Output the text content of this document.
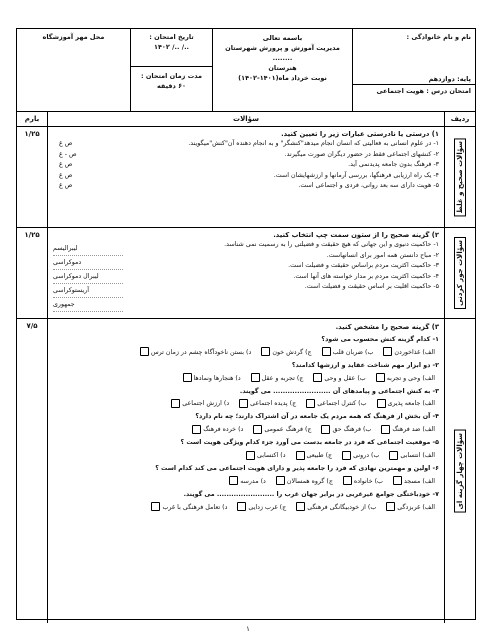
نام و نام خانوادگی :
پایه: دوازدهم
امتحان درس : هویت اجتماعی
باسمه تعالی
مدیریت آموزش و پرورش شهرستان ........
هنرستان
نوبت خرداد ماه(۱۴۰۱-۱۴۰۲)
تاریخ امتحان :
../ ../ ۱۴۰۲
مدت زمان امتحان :
۶۰ دقیقه
محل مهر آموزشگاه
ردیف
سؤالات
بارم
سؤالات صحیح و غلط
۱) درستی یا نادرستی عبارات زیر را تعیین کنید.
۱- در علوم انسانی به فعالیتی که انسان انجام میدهد"کنشگر" و به انجام دهنده آن"کنش"میگویند.
ص غ
۲- کنشهای اجتماعی فقط در حضور دیگران صورت میگیرند.
ص - غ
۳- فرهنگ بدون جامعه پدیدنمی آید.
ص غ
۴- یک راه ارزیابی فرهنگها، بررسی آرمانها و ارزشهایشان است.
ص غ
۵- هویت دارای سه بعد روانی، فردی و اجتماعی است.
ص غ
۱/۲۵
سؤالات جور کردنی
۲) گزینه صحیح را از ستون سمت چپ انتخاب کنید.
۱- حاکمیت دنیوی و این جهانی که هیچ حقیقت و فضیلتی را به رسمیت نمی شناسد.
۲- مباح دانستن همه امور برای انسانهاست.
۳- حاکمیت اکثریت مردم براساس حقیقت و فضیلت است.
۴- حاکمیت اکثریت مردم بر مدار خواسته های آنها است.
۵- حاکمیت اقلیت بر اساس حقیقت و فضیلت است.
لیبرالیسم
دموکراسی
لیبرال دموکراسی
آریستوکراسی
جمهوری
۱/۲۵
سؤالات چهار گزینه ای
۳) گزینه صحیح را مشخص کنید.
۱- کدام گزینه کنش محسوب می شود؟
الف) غذاخوردن
ب) ضربان قلب
ج) گردش خون
د) بستن ناخودآگاه چشم در زمان ترس
۲- دو ابزار مهم شناخت عقاید و ارزشها کدامند؟
الف) وحی و تجربه
ب) عقل و وحی
ج) تجربه و عقل
د) هنجارها ونمادها
۳- به کنش اجتماعی و پیامدهای آن ........................ می گویند.
الف) جامعه پذیری
ب) کنترل اجتماعی
ج) پدیده اجتماعی
د) ارزش اجتماعی
۴- آن بخش از فرهنگ که همه مردم یک جامعه در آن اشتراک دارند؛ چه نام دارد؟
الف) ضد فرهنگ
ب) فرهنگ حق
ج) فرهنگ عمومی
د) خرده فرهنگ
۵- موقعیت اجتماعی که فرد در جامعه بدست می آورد جزء کدام ویژگی هویت است ؟
الف) انتسابی
ب) درونی
ج) طبیعی
د) اکتسابی
۶- اولین و مهمترین نهادی که فرد را جامعه پذیر و دارای هویت اجتماعی می کند کدام است ؟
الف) مسجد
ب) خانواده
ج) گروه همسالان
د) مدرسه
۷- خودباختگی جوامع غیرغربی در برابر جهان غرب را ........................ می گویند.
الف) غربزدگی
ب) از خودبیگانگی فرهنگی
ج) غرب زدایی
د) تعامل فرهنگی با غرب
۷/۵
۱
